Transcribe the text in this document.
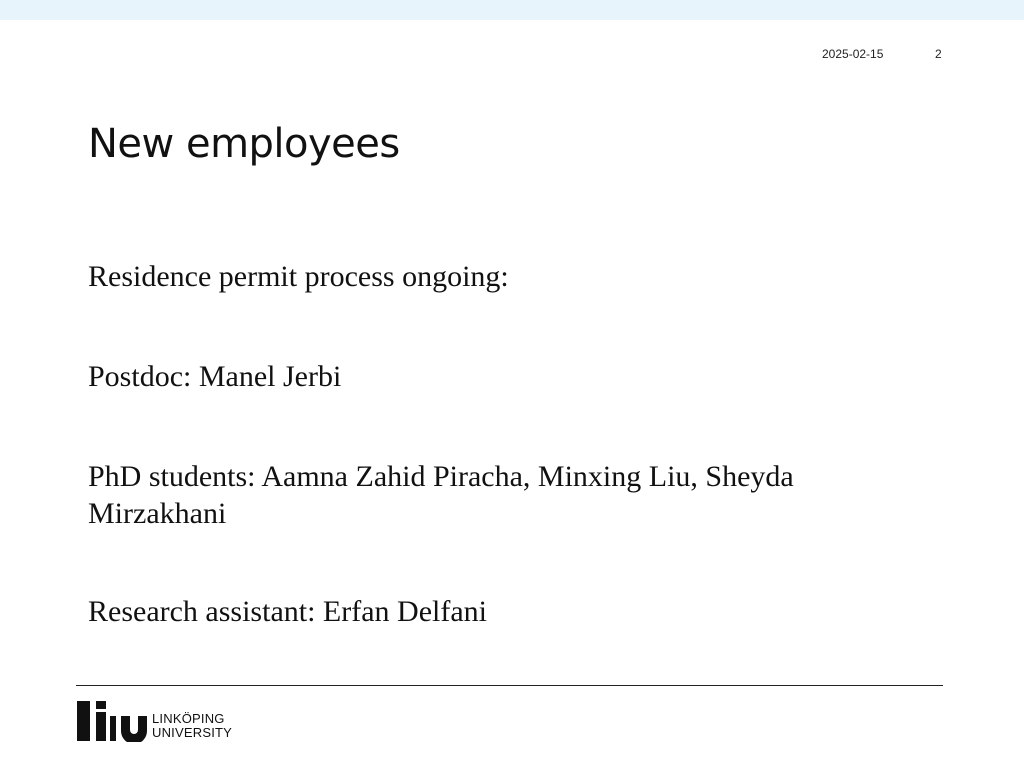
2025-02-15	2
New employees

Residence permit process ongoing:

Postdoc: Manel Jerbi

PhD students: Aamna Zahid Piracha, Minxing Liu, Sheyda Mirzakhani

Research assistant: Erfan Delfani

LINKÖPING
UNIVERSITY
